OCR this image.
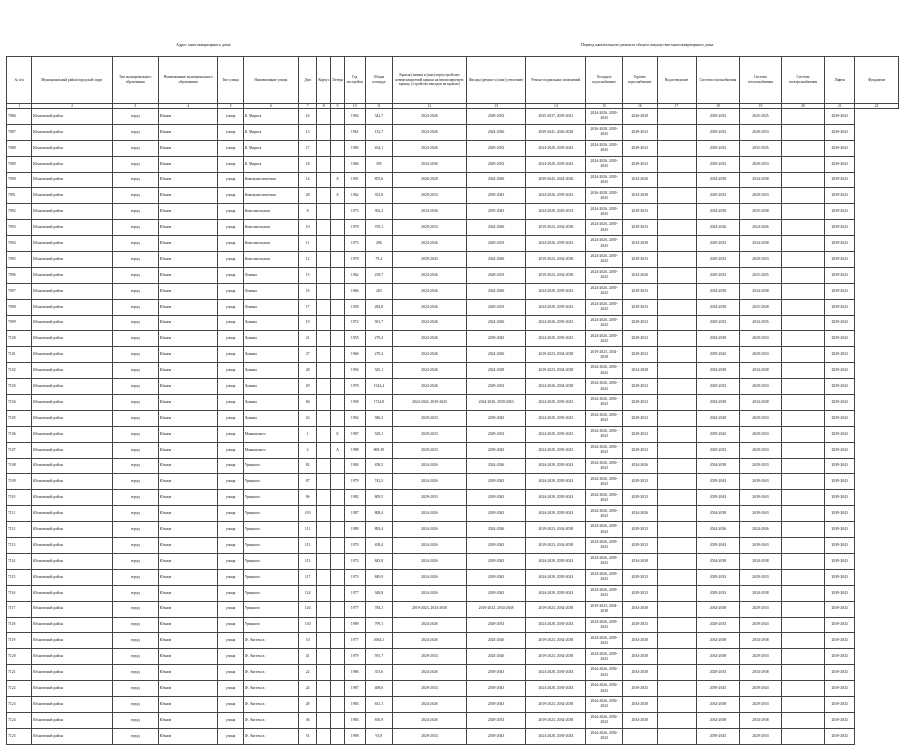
Адрес многоквартирного дома	Период капитального ремонта общего имущества многоквартирного дома
№ п/п	Муниципальный район/городской округ	Тип муниципального образования	Наименование муниципального образования	Тип улицы	Наименование улицы	Дом	Корпус	Литера	Год постройки	Общая площадь	Кровля (замена и (или) переустройство невентилируемой крыши на вентилируемую крышу, устройство выходов на кровлю)	Фасады (ремонт и (или) утепление)	Ремонт подвальных помещений	Холодное водоснабжение	Горячее водоснабжение	Водоотведение	Система газоснабжения	Система теплоснабжения	Система электроснабжения	Лифты	Фундамент
1	2	3	4	5	6	7	8	9	10	11	12	13	14	15	16	17	18	19	20	21	22
7086	Юхновский район	город	Юхнов	улица	К. Маркса	16			1992	342,7	2024-2026	2028-2033	2035-2037, 2039-2041	2024-2026, 2039-2043	2026-2028		2029-2033	2025-2025		2039-2043	
7087	Юхновский район	город	Юхнов	улица	К. Маркса	13			1961	132,7	2024-2026	2024-2026	2039-2041, 2026-2028	2026-2028, 2039-2043	2029-2033		2029-2033	2028-2033		2039-2043	
7088	Юхновский район	город	Юхнов	улица	К. Маркса	17			1985	454,1	2024-2026	2029-2033	2024-2028, 2039-2043	2024-2026, 2039-2043	2029-2033		2029-2033	2035-2035		2039-2043	
7089	Юхновский район	город	Юхнов	улица	К. Маркса	18			1966	395	2034-2036	2029-2033	2024-2028, 2039-2043	2024-2026, 2039-2043	2029-2033		2029-2033	2029-2033		2039-2043	
7090	Юхновский район	город	Юхнов	улица	Коммунистическая	14		А	1991	855,6	2026-2028	2024-2026	2039-2043, 2024-2026	2024-2026, 2039-2043	2024-2026		2034-2038	2034-2038		2039-2043	
7091	Юхновский район	город	Юхнов	улица	Коммунистическая	28		А	1962	352,8	2029-2033	2039-2043	2024-2026, 2039-2043	2026-2028, 2039-2043	2034-2038		2029-2033	2029-2033		2039-2043	
7092	Юхновский район	город	Юхнов	улица	Комсомольская	8			1975	392,2	2034-2036	2035-2043	2024-2028, 2029-2033	2024-2026, 2039-2043	2029-2033		2034-2038	2035-2038		2039-2043	
7093	Юхновский район	город	Юхнов	улица	Комсомольская	10			1978	370,1	2029-2033	2024-2026	2019-2023, 2034-2038	2024-2026, 2039-2043	2029-2033		2024-2026	2024-2026		2039-2043	
7094	Юхновский район	город	Юхнов	улица	Комсомольская	11			1975	296	2024-2026	2029-2033	2024-2026, 2039-2043	2024-2026, 2039-2043	2034-2038		2029-2033	2034-2038		2039-2043	
7095	Юхновский район	город	Юхнов	улица	Комсомольская	12			1978	79,4	2039-2043	2024-2026	2019-2023, 2034-2038	2024-2026, 2039-2043	2029-2033		2029-2033	2029-2033		2039-2043	
7096	Юхновский район	город	Юхнов	улица	Ленина	15			1962	239,7	2024-2026	2028-2033	2019-2023, 2034-2038	2024-2026, 2039-2043	2024-2026		2029-2033	2025-2025		2039-2043	
7097	Юхновский район	город	Юхнов	улица	Ленина	16			1966	263	2024-2026	2024-2026	2024-2028, 2039-2043	2024-2026, 2039-2043	2029-2033		2034-2038	2034-2038		2039-2043	
7098	Юхновский район	город	Юхнов	улица	Ленина	17			1958	282,8	2024-2026	2029-2033	2024-2028, 2039-2043	2024-2026, 2039-2043	2029-2033		2034-2038	2025-2028		2039-2043	
7099	Юхновский район	город	Юхнов	улица	Ленина	19			1972	591,7	2024-2026	2024-2026	2024-2026, 2039-2043	2024-2026, 2039-2043	2029-2033		2029-2033	2034-2035		2039-2043	
7100	Юхновский район	город	Юхнов	улица	Ленина	21			1955	279,4	2024-2026	2039-2043	2024-2028, 2039-2043	2024-2026, 2039-2043	2029-2033		2034-2038	2029-2033		2039-2043	
7101	Юхновский район	город	Юхнов	улица	Ленина	27			1966	279,2	2024-2026	2024-2026	2019-2023, 2034-2038	2019-2023, 2034-2038	2029-2033		2039-2043	2029-2033		2029-2033	
7102	Юхновский район	город	Юхнов	улица	Ленина	28			1956	345,1	2024-2026	2024-2028	2019-2023, 2034-2038	2024-2026, 2039-2043	2034-2038		2034-2038	2034-2038		2039-2043	
7103	Юхновский район	город	Юхнов	улица	Ленина	29			1978	1542,4	2024-2026	2029-2033	2024-2026, 2034-2038	2024-2026, 2039-2043	2029-2033		2029-2033	2029-2033		2039-2043	
7104	Юхновский район	город	Юхнов	улица	Ленина	66			1958	1724,8	2024-2026, 2039-2043	2024-2026, 2039-2043	2024-2028, 2039-2043	2024-2026, 2039-2043	2029-2033		2034-2038	2034-2038		2039-2043	
7105	Юхновский район	город	Юхнов	улица	Ленина	23			1992	586,3	2029-2033	2039-2043	2024-2028, 2039-2043	2024-2026, 2039-2043	2029-2033		2024-2028	2029-2033		2039-2043	
7106	Юхновский район	город	Юхнов	улица	Маяковского	1		Б	1987	529,1	2029-2033	2029-2033	2024-2028, 2039-2043	2024-2026, 2039-2043	2029-2033		2039-2043	2029-2033		2039-2043	
7107	Юхновский район	город	Юхнов	улица	Маяковского	2		А	1988	869,39	2029-2033	2039-2043	2024-2028, 2039-2043	2024-2026, 2039-2043	2029-2033		2029-2033	2029-2033		2039-2043	
7108	Юхновский район	город	Юхнов	улица	Урицкого	82			1984	458,5	2024-2026	2024-2026	2024-2028, 2039-2043	2024-2026, 2039-2043	2024-2026		2034-2038	2029-2033		2039-2043	
7109	Юхновский район	город	Юхнов	улица	Урицкого	87			1979	742,5	2024-2026	2039-2043	2024-2028, 2039-2043	2024-2026, 2039-2043	2029-2033		2039-2043	2039-2043		2039-2043	
7110	Юхновский район	город	Юхнов	улица	Урицкого	96			1982	809,5	2029-2033	2039-2043	2024-2028, 2039-2043	2024-2026, 2039-2043	2029-2033		2039-2043	2039-2043		2039-2043	
7111	Юхновский район	город	Юхнов	улица	Урицкого	103			1987	808,4	2024-2026	2039-2043	2024-2028, 2039-2043	2024-2026, 2039-2043	2024-2026		2034-2038	2039-2043		2039-2043	
7112	Юхновский район	город	Юхнов	улица	Урицкого	111			1989	883,4	2024-2026	2024-2026	2019-2023, 2034-2038	2024-2026, 2039-2043	2029-2033		2024-2026	2024-2026		2039-2043	
7113	Юхновский район	город	Юхнов	улица	Урицкого	115			1970	458,4	2024-2026	2039-2043	2019-2023, 2034-2038	2024-2026, 2039-2043	2029-2033		2039-2043	2039-2043		2039-2043	
7114	Юхновский район	город	Юхнов	улица	Урицкого	113			1972	843,8	2024-2026	2039-2043	2024-2028, 2039-2043	2024-2026, 2039-2043	2034-2038		2034-2038	2034-2038		2039-2043	
7115	Юхновский район	город	Юхнов	улица	Урицкого	117			1973	849,9	2024-2026	2039-2043	2024-2028, 2039-2043	2024-2026, 2039-2043	2029-2033		2029-2033	2029-2033		2039-2043	
7116	Юхновский район	город	Юхнов	улица	Урицкого	124			1977	348,8	2024-2026	2039-2043	2024-2028, 2039-2043	2024-2026, 2039-2043	2029-2033		2029-2033	2034-2038		2039-2043	
7117	Юхновский район	город	Юхнов	улица	Урицкого	126			1977	784,1	2019-2023, 2034-2038	2019-2023, 2034-2038	2019-2023, 2034-2038	2019-2023, 2034-2038	2034-2038		2034-2038	2029-2033		2039-2043	
7118	Юхновский район	город	Юхнов	улица	Урицкого	130			1989	799,1	2024-2026	2029-2033	2024-2028, 2039-2043	2024-2026, 2039-2043	2029-2033		2029-2033	2039-2043		2039-2043	
7119	Юхновский район	город	Юхнов	улица	Ф. Энгельса	10			1977	1064,1	2024-2026	2024-2026	2019-2023, 2034-2038	2024-2026, 2039-2043	2034-2038		2034-2038	2034-2038		2039-2043	
7120	Юхновский район	город	Юхнов	улица	Ф. Энгельса	41			1979	591,7	2029-2033	2024-2026	2019-2023, 2034-2038	2024-2026, 2039-2043	2034-2038		2034-2038	2029-2033		2039-2043	
7121	Юхновский район	город	Юхнов	улица	Ф. Энгельса	22			1986	351,6	2024-2026	2039-2043	2024-2028, 2039-2043	2024-2026, 2039-2043	2034-2038		2029-2033	2034-2038		2039-2043	
7122	Юхновский район	город	Юхнов	улица	Ф. Энгельса	24			1987	408,6	2029-2033	2039-2043	2024-2028, 2039-2043	2024-2026, 2039-2043	2039-2043		2039-2043	2039-2043		2039-2043	
7123	Юхновский район	город	Юхнов	улица	Ф. Энгельса	28			1983	631,1	2024-2026	2039-2043	2019-2023, 2034-2038	2024-2026, 2039-2043	2034-2038		2034-2038	2029-2033		2039-2043	
7124	Юхновский район	город	Юхнов	улица	Ф. Энгельса	36			1983	816,9	2024-2026	2029-2033	2019-2023, 2034-2038	2024-2026, 2039-2043	2034-2038		2034-2038	2034-2038		2039-2043	
7125	Юхновский район	город	Юхнов	улица	Ф. Энгельса	51			1998	91,8	2029-2033	2039-2043	2024-2028, 2039-2043	2024-2026, 2039-2043			2039-2043	2029-2033		2039-2043	
